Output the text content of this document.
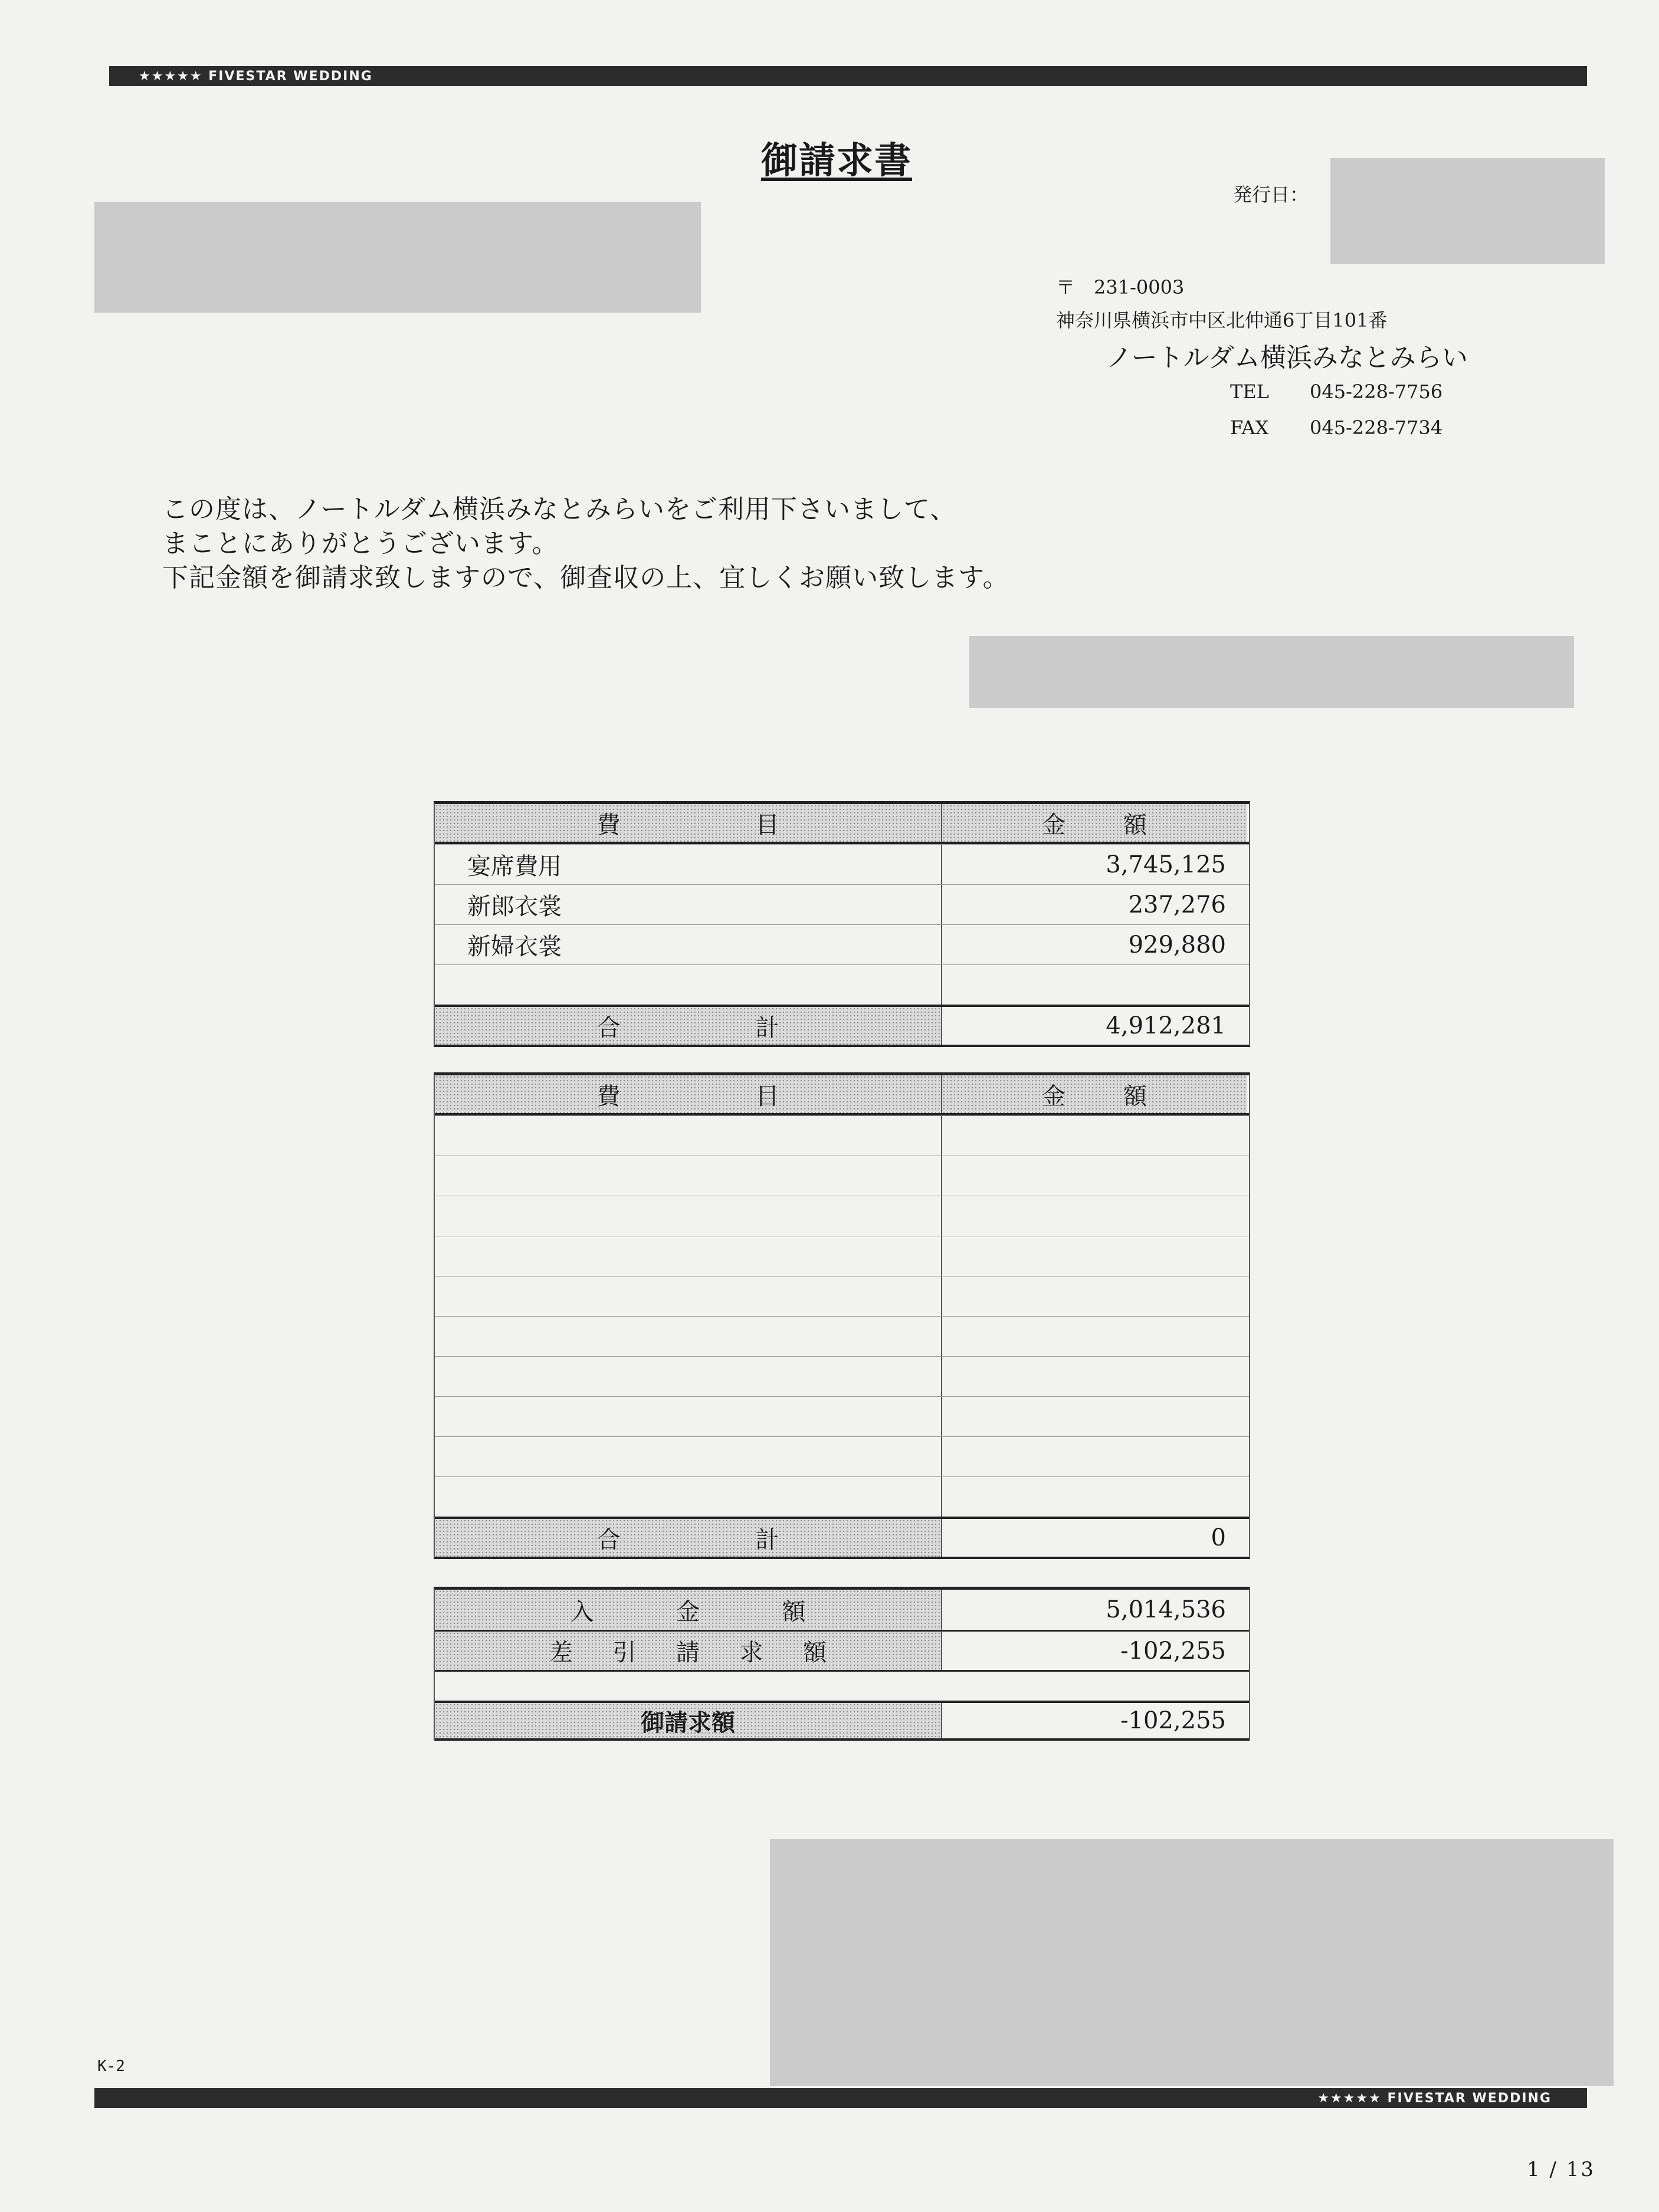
★★★★★ FIVESTAR WEDDING
御請求書
発行日：
〒　231-0003
神奈川県横浜市中区北仲通6丁目101番
ノートルダム横浜みなとみらい
TEL 045-228-7756
FAX 045-228-7734
この度は、ノートルダム横浜みなとみらいをご利用下さいまして、
まことにありがとうございます。
下記金額を御請求致しますので、御査収の上、宜しくお願い致します。
費	目	金 額
宴席費用	3,745,125
新郎衣裳	237,276
新婦衣裳	929,880
合	計	4,912,281
費	目	金 額
合	計	0
入	金	額	5,014,536
差 引 請 求 額	-102,255
御請求額	-102,255
K-2
★★★★★ FIVESTAR WEDDING
1 / 13
